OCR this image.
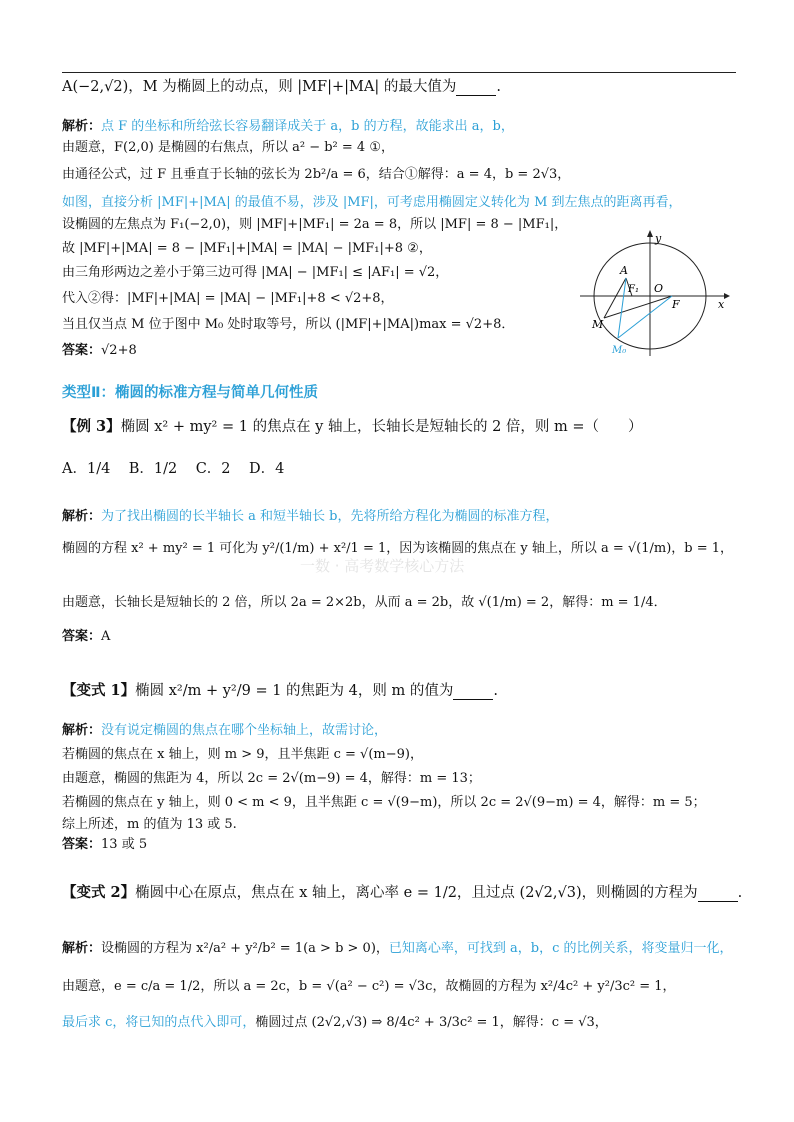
A(−2,√2)，M 为椭圆上的动点，则 |MF|+|MA| 的最大值为	.
解析：点 F 的坐标和所给弦长容易翻译成关于 a，b 的方程，故能求出 a，b，
由题意，F(2,0) 是椭圆的右焦点，所以 a² − b² = 4 ①，
由通径公式，过 F 且垂直于长轴的弦长为 2b²/a = 6，结合①解得：a = 4，b = 2√3，
如图，直接分析 |MF|+|MA| 的最值不易，涉及 |MF|，可考虑用椭圆定义转化为 M 到左焦点的距离再看，
设椭圆的左焦点为 F₁(−2,0)，则 |MF|+|MF₁| = 2a = 8，所以 |MF| = 8 − |MF₁|，
故 |MF|+|MA| = 8 − |MF₁|+|MA| = |MA| − |MF₁|+8 ②，
由三角形两边之差小于第三边可得 |MA| − |MF₁| ≤ |AF₁| = √2，
代入②得：|MF|+|MA| = |MA| − |MF₁|+8 < √2+8，
当且仅当点 M 位于图中 M₀ 处时取等号，所以 (|MF|+|MA|)max = √2+8．
答案：√2+8
y
x
A
F₁ O
F
M
M₀
类型Ⅱ：椭圆的标准方程与简单几何性质
【例 3】椭圆 x² + my² = 1 的焦点在 y 轴上，长轴长是短轴长的 2 倍，则 m =（　　）
A．1/4 B．1/2 C．2 D．4
解析：为了找出椭圆的长半轴长 a 和短半轴长 b，先将所给方程化为椭圆的标准方程，
椭圆的方程 x² + my² = 1 可化为 y²/(1/m) + x²/1 = 1，因为该椭圆的焦点在 y 轴上，所以 a = √(1/m)，b = 1，
一数 · 高考数学核心方法
由题意，长轴长是短轴长的 2 倍，所以 2a = 2×2b，从而 a = 2b，故 √(1/m) = 2，解得：m = 1/4．
答案：A
【变式 1】椭圆 x²/m + y²/9 = 1 的焦距为 4，则 m 的值为	.
解析：没有说定椭圆的焦点在哪个坐标轴上，故需讨论，
若椭圆的焦点在 x 轴上，则 m > 9，且半焦距 c = √(m−9)，
由题意，椭圆的焦距为 4，所以 2c = 2√(m−9) = 4，解得：m = 13；
若椭圆的焦点在 y 轴上，则 0 < m < 9，且半焦距 c = √(9−m)，所以 2c = 2√(9−m) = 4，解得：m = 5；
综上所述，m 的值为 13 或 5.
答案：13 或 5
【变式 2】椭圆中心在原点，焦点在 x 轴上，离心率 e = 1/2，且过点 (2√2,√3)，则椭圆的方程为	.
解析：设椭圆的方程为 x²/a² + y²/b² = 1(a > b > 0)，已知离心率，可找到 a，b，c 的比例关系，将变量归一化，
由题意，e = c/a = 1/2，所以 a = 2c，b = √(a² − c²) = √3c，故椭圆的方程为 x²/4c² + y²/3c² = 1，
最后求 c，将已知的点代入即可，椭圆过点 (2√2,√3) ⇒ 8/4c² + 3/3c² = 1，解得：c = √3，
